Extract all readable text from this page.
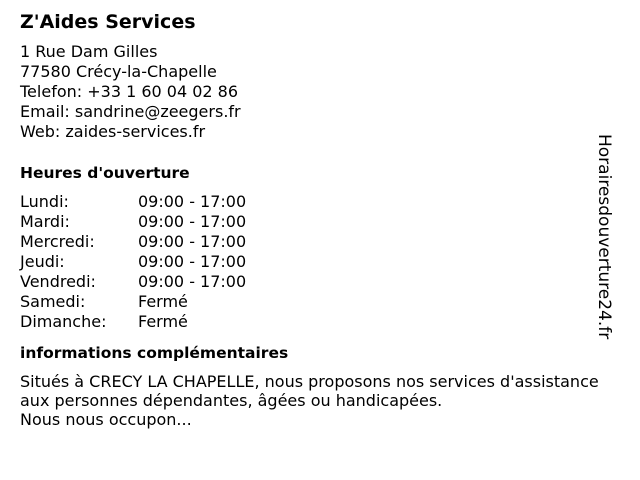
Z'Aides Services
1 Rue Dam Gilles
77580 Crécy-la-Chapelle
Telefon: +33 1 60 04 02 86
Email: sandrine@zeegers.fr
Web: zaides-services.fr
Heures d'ouverture
Lundi:	09:00 - 17:00
Mardi:	09:00 - 17:00
Mercredi:	09:00 - 17:00
Jeudi:	09:00 - 17:00
Vendredi:	09:00 - 17:00
Samedi:	Fermé
Dimanche:	Fermé
informations complémentaires
Situés à CRECY LA CHAPELLE, nous proposons nos services d'assistance aux personnes dépendantes, âgées ou handicapées.
Nous nous occupon...
Horairesdouverture24.fr
